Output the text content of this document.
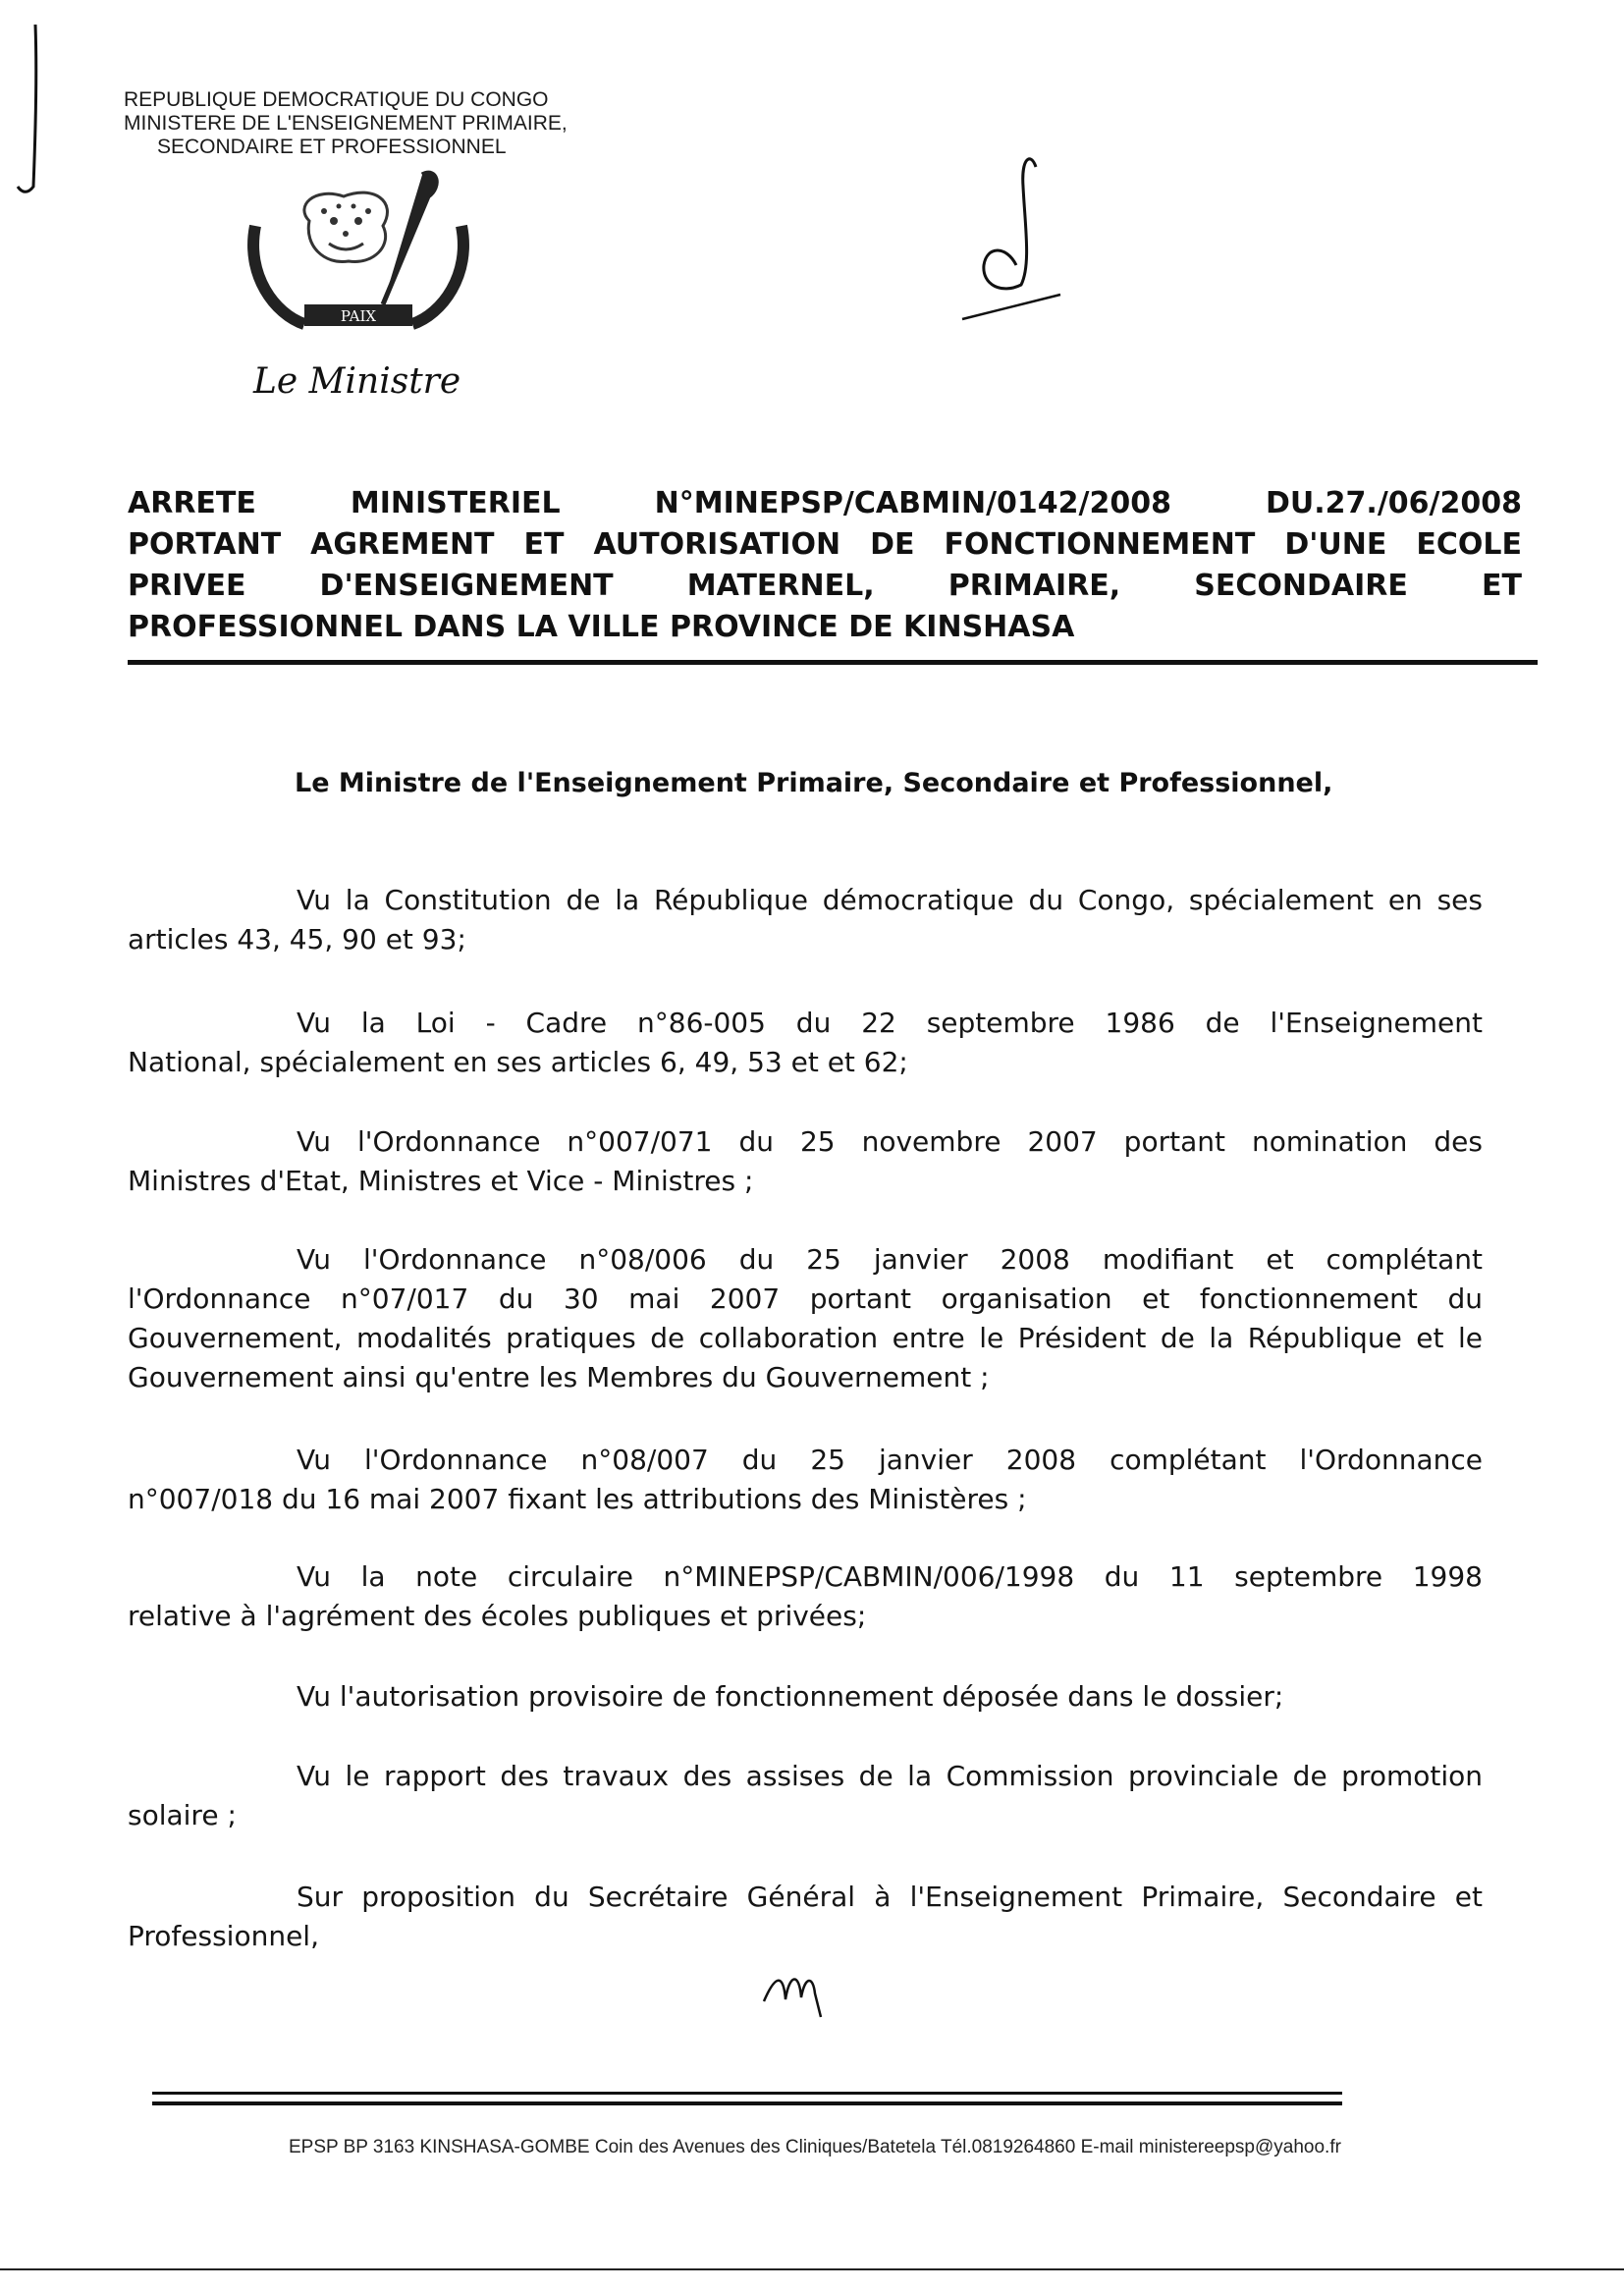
REPUBLIQUE DEMOCRATIQUE DU CONGO
MINISTERE DE L'ENSEIGNEMENT PRIMAIRE,
SECONDAIRE ET PROFESSIONNEL
PAIX
Le Ministre
ARRETE	MINISTERIEL	N°MINEPSP/CABMIN/0142/2008	DU.27./06/2008
PORTANT AGREMENT ET AUTORISATION DE FONCTIONNEMENT D'UNE ECOLE
PRIVEE	D'ENSEIGNEMENT	MATERNEL,	PRIMAIRE,	SECONDAIRE	ET
PROFESSIONNEL DANS LA VILLE PROVINCE DE KINSHASA
Le Ministre de l'Enseignement Primaire, Secondaire et Professionnel,
Vu la Constitution de la République démocratique du Congo, spécialement en ses
articles 43, 45, 90 et 93;
Vu la Loi - Cadre n°86-005 du 22 septembre 1986 de l'Enseignement
National, spécialement en ses articles 6, 49, 53 et et 62;
Vu l'Ordonnance n°007/071 du 25 novembre 2007 portant nomination des
Ministres d'Etat, Ministres et Vice - Ministres ;
Vu l'Ordonnance n°08/006 du 25 janvier 2008 modifiant et complétant
l'Ordonnance n°07/017 du 30 mai 2007 portant organisation et fonctionnement du
Gouvernement, modalités pratiques de collaboration entre le Président de la République et le
Gouvernement ainsi qu'entre les Membres du Gouvernement ;
Vu l'Ordonnance n°08/007 du 25 janvier 2008 complétant l'Ordonnance
n°007/018 du 16 mai 2007 fixant les attributions des Ministères ;
Vu la note circulaire n°MINEPSP/CABMIN/006/1998 du 11 septembre 1998
relative à l'agrément des écoles publiques et privées;
Vu l'autorisation provisoire de fonctionnement déposée dans le dossier;
Vu le rapport des travaux des assises de la Commission provinciale de promotion
solaire ;
Sur proposition du Secrétaire Général à l'Enseignement Primaire, Secondaire et
Professionnel,
EPSP BP 3163 KINSHASA-GOMBE Coin des Avenues des Cliniques/Batetela Tél.0819264860 E-mail ministereepsp@yahoo.fr
